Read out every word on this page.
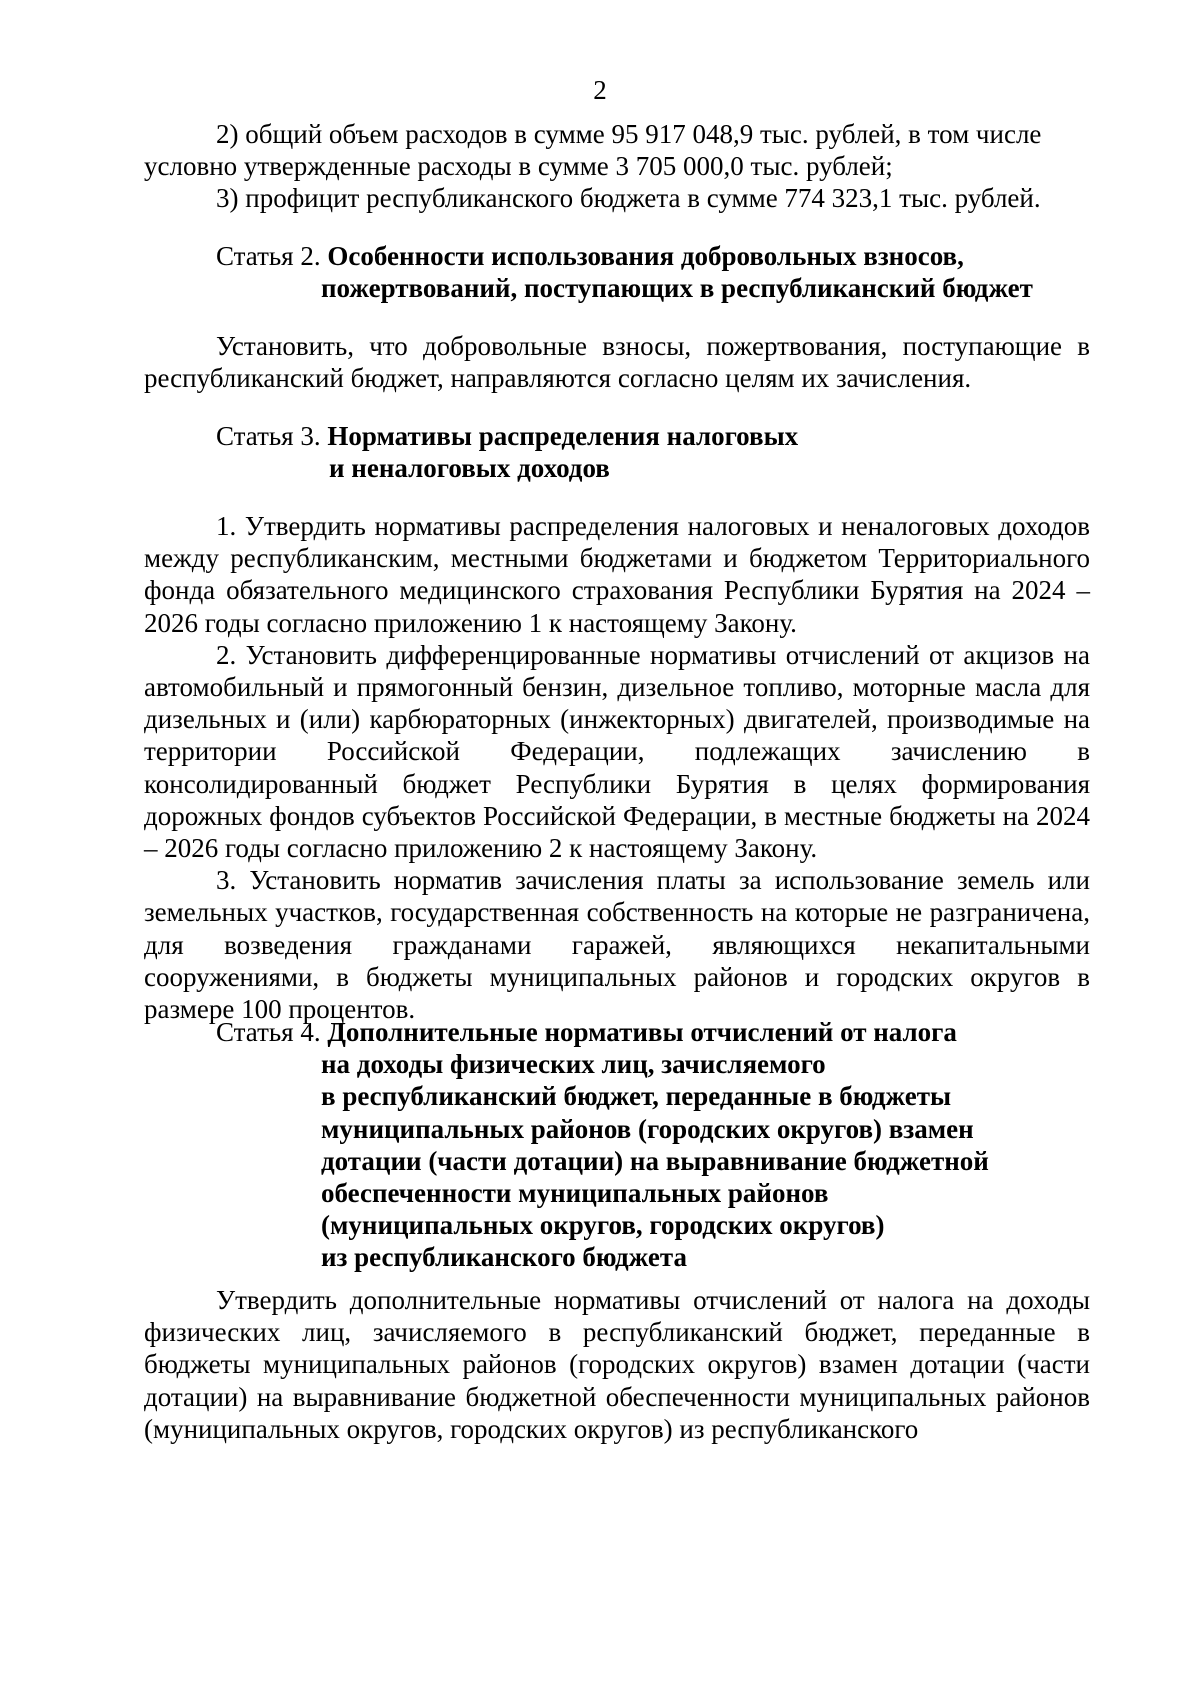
2

2) общий объем расходов в сумме 95 917 048,9 тыс. рублей, в том числе

условно утвержденные расходы в сумме 3 705 000,0 тыс. рублей;

3) профицит республиканского бюджета в сумме 774 323,1 тыс. рублей.

Статья 2. Особенности использования добровольных взносов,
пожертвований, поступающих в республиканский бюджет

Установить, что добровольные взносы, пожертвования, поступающие в республиканский бюджет, направляются согласно целям их зачисления.

Статья 3. Нормативы распределения налоговых
и неналоговых доходов

1. Утвердить нормативы распределения налоговых и неналоговых доходов между республиканским, местными бюджетами и бюджетом Территориального фонда обязательного медицинского страхования Республики Бурятия на 2024 – 2026 годы согласно приложению 1 к настоящему Закону.

2. Установить дифференцированные нормативы отчислений от акцизов на автомобильный и прямогонный бензин, дизельное топливо, моторные масла для дизельных и (или) карбюраторных (инжекторных) двигателей, производимые на территории Российской Федерации, подлежащих зачислению в консолидированный бюджет Республики Бурятия в целях формирования дорожных фондов субъектов Российской Федерации, в местные бюджеты на 2024 – 2026 годы согласно приложению 2 к настоящему Закону.

3. Установить норматив зачисления платы за использование земель или земельных участков, государственная собственность на которые не разграничена, для возведения гражданами гаражей, являющихся некапитальными сооружениями, в бюджеты муниципальных районов и городских округов в размере 100 процентов.

Статья 4. Дополнительные нормативы отчислений от налога
на доходы физических лиц, зачисляемого
в республиканский бюджет, переданные в бюджеты
муниципальных районов (городских округов) взамен
дотации (части дотации) на выравнивание бюджетной
обеспеченности муниципальных районов
(муниципальных округов, городских округов)
из республиканского бюджета

Утвердить дополнительные нормативы отчислений от налога на доходы физических лиц, зачисляемого в республиканский бюджет, переданные в бюджеты муниципальных районов (городских округов) взамен дотации (части дотации) на выравнивание бюджетной обеспеченности муниципальных районов (муниципальных округов, городских округов) из республиканского
